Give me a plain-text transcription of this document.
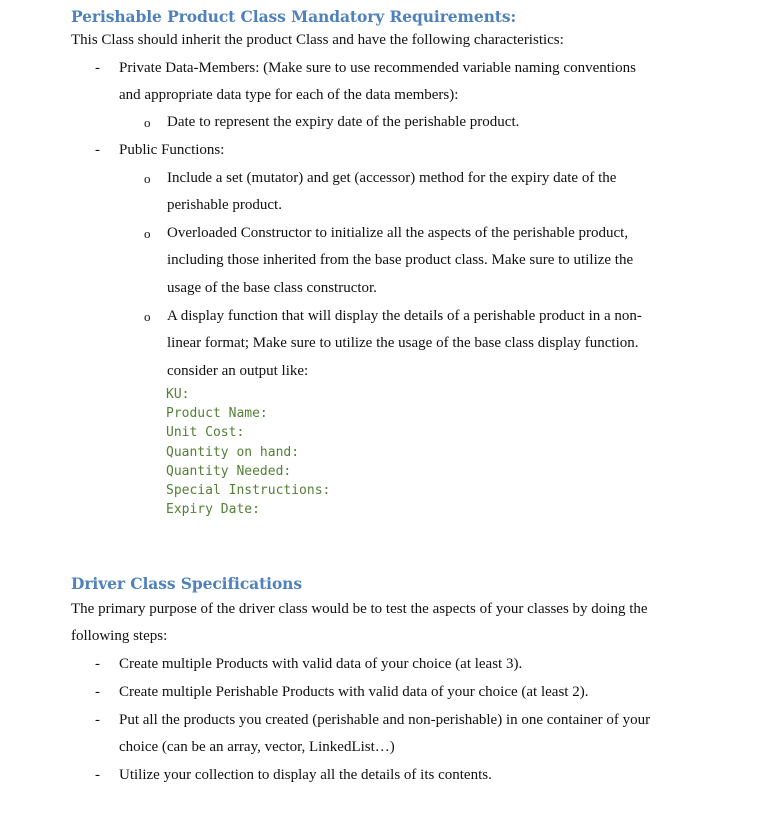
Perishable Product Class Mandatory Requirements:
This Class should inherit the product Class and have the following characteristics:
- Private Data-Members: (Make sure to use recommended variable naming conventions
and appropriate data type for each of the data members):
o Date to represent the expiry date of the perishable product.
- Public Functions:
o Include a set (mutator) and get (accessor) method for the expiry date of the
perishable product.
o Overloaded Constructor to initialize all the aspects of the perishable product,
including those inherited from the base product class. Make sure to utilize the
usage of the base class constructor.
o A display function that will display the details of a perishable product in a non-
linear format; Make sure to utilize the usage of the base class display function.
consider an output like:
KU:
Product Name:
Unit Cost:
Quantity on hand:
Quantity Needed:
Special Instructions:
Expiry Date:
Driver Class Specifications
The primary purpose of the driver class would be to test the aspects of your classes by doing the
following steps:
- Create multiple Products with valid data of your choice (at least 3).
- Create multiple Perishable Products with valid data of your choice (at least 2).
- Put all the products you created (perishable and non-perishable) in one container of your
choice (can be an array, vector, LinkedList…)
- Utilize your collection to display all the details of its contents.
